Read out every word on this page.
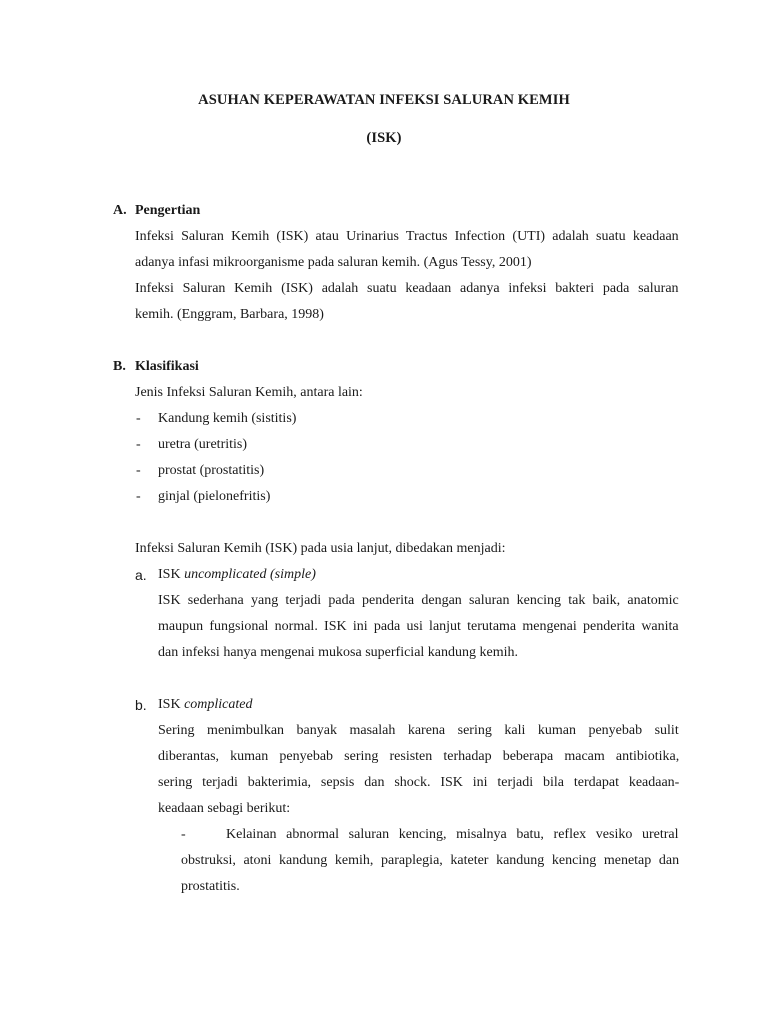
ASUHAN KEPERAWATAN INFEKSI SALURAN KEMIH
(ISK)
A. Pengertian
Infeksi Saluran Kemih (ISK) atau Urinarius Tractus Infection (UTI) adalah suatu keadaan
adanya infasi mikroorganisme pada saluran kemih. (Agus Tessy, 2001)
Infeksi Saluran Kemih (ISK) adalah suatu keadaan adanya infeksi bakteri pada saluran
kemih. (Enggram, Barbara, 1998)
B. Klasifikasi
Jenis Infeksi Saluran Kemih, antara lain:
- Kandung kemih (sistitis)
- uretra (uretritis)
- prostat (prostatitis)
- ginjal (pielonefritis)
Infeksi Saluran Kemih (ISK) pada usia lanjut, dibedakan menjadi:
a. ISK uncomplicated (simple)
ISK sederhana yang terjadi pada penderita dengan saluran kencing tak baik, anatomic
maupun fungsional normal. ISK ini pada usi lanjut terutama mengenai penderita wanita
dan infeksi hanya mengenai mukosa superficial kandung kemih.
b. ISK complicated
Sering menimbulkan banyak masalah karena sering kali kuman penyebab sulit
diberantas, kuman penyebab sering resisten terhadap beberapa macam antibiotika,
sering terjadi bakterimia, sepsis dan shock. ISK ini terjadi bila terdapat keadaan-
keadaan sebagi berikut:
-	Kelainan abnormal saluran kencing, misalnya batu, reflex vesiko uretral
obstruksi, atoni kandung kemih, paraplegia, kateter kandung kencing menetap dan
prostatitis.
